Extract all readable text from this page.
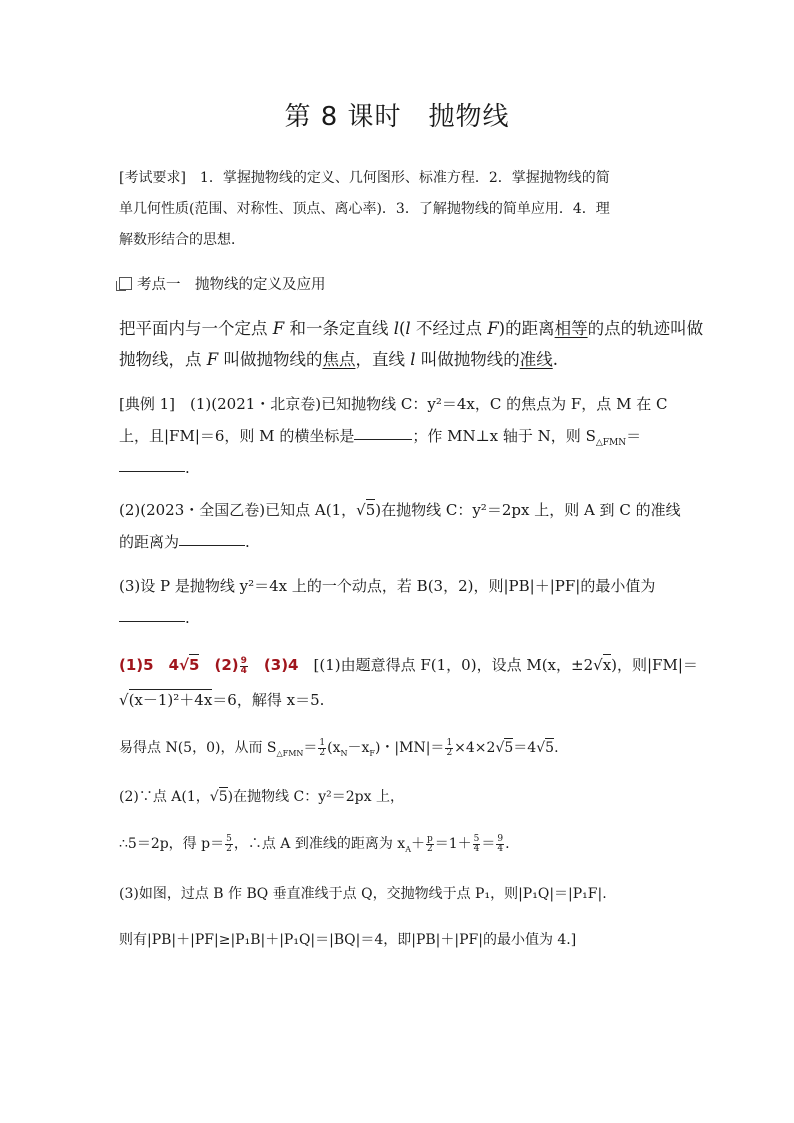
第 8 课时　抛物线
[考试要求]　1．掌握抛物线的定义、几何图形、标准方程．2．掌握抛物线的简
单几何性质(范围、对称性、顶点、离心率)．3．了解抛物线的简单应用．4．理
解数形结合的思想．
考点一　抛物线的定义及应用
把平面内与一个定点 F 和一条定直线 l(l 不经过点 F)的距离相等的点的轨迹叫做
抛物线，点 F 叫做抛物线的焦点，直线 l 叫做抛物线的准线.
[典例 1]　(1)(2021・北京卷)已知抛物线 C：y²＝4x，C 的焦点为 F，点 M 在 C
上，且|FM|＝6，则 M 的横坐标是	；作 MN⊥x 轴于 N，则 $S_{\triangle FMN}=$
.
(2)(2023・全国乙卷)已知点 A(1，√5)在抛物线 C：y²＝2px 上，则 A 到 C 的准线
的距离为	.
(3)设 P 是抛物线 y²＝4x 上的一个动点，若 B(3，2)，则|PB|＋|PF|的最小值为
.
(1)5　4√5　$(2) \frac{9}{4}$ 　(3)4　[(1)由题意得点 F(1，0)，设点 M(x，±2√x)，则|FM|＝
√(x－1)²＋4x＝6，解得 x＝5.
易得点 N(5，0)，从而 $S_{\triangle FMN}= \frac{1}{2} (x_N-x_F)$・$|MN|= \frac{1}{2} \times 4\times 2√5=4√5$.
(2)∵点 A(1，√5)在抛物线 C：y²＝2px 上，
∴5＝2p，得 $p= \frac{5}{2}$ ，∴点 A 到准线的距离为 $x_A+ \frac{p}{2} =1+ \frac{5}{4} = \frac{9}{4}$ .
(3)如图，过点 B 作 BQ 垂直准线于点 Q，交抛物线于点 P₁，则|P₁Q|＝|P₁F|.
则有|PB|＋|PF|≥|P₁B|＋|P₁Q|＝|BQ|＝4，即|PB|＋|PF|的最小值为 4.]
